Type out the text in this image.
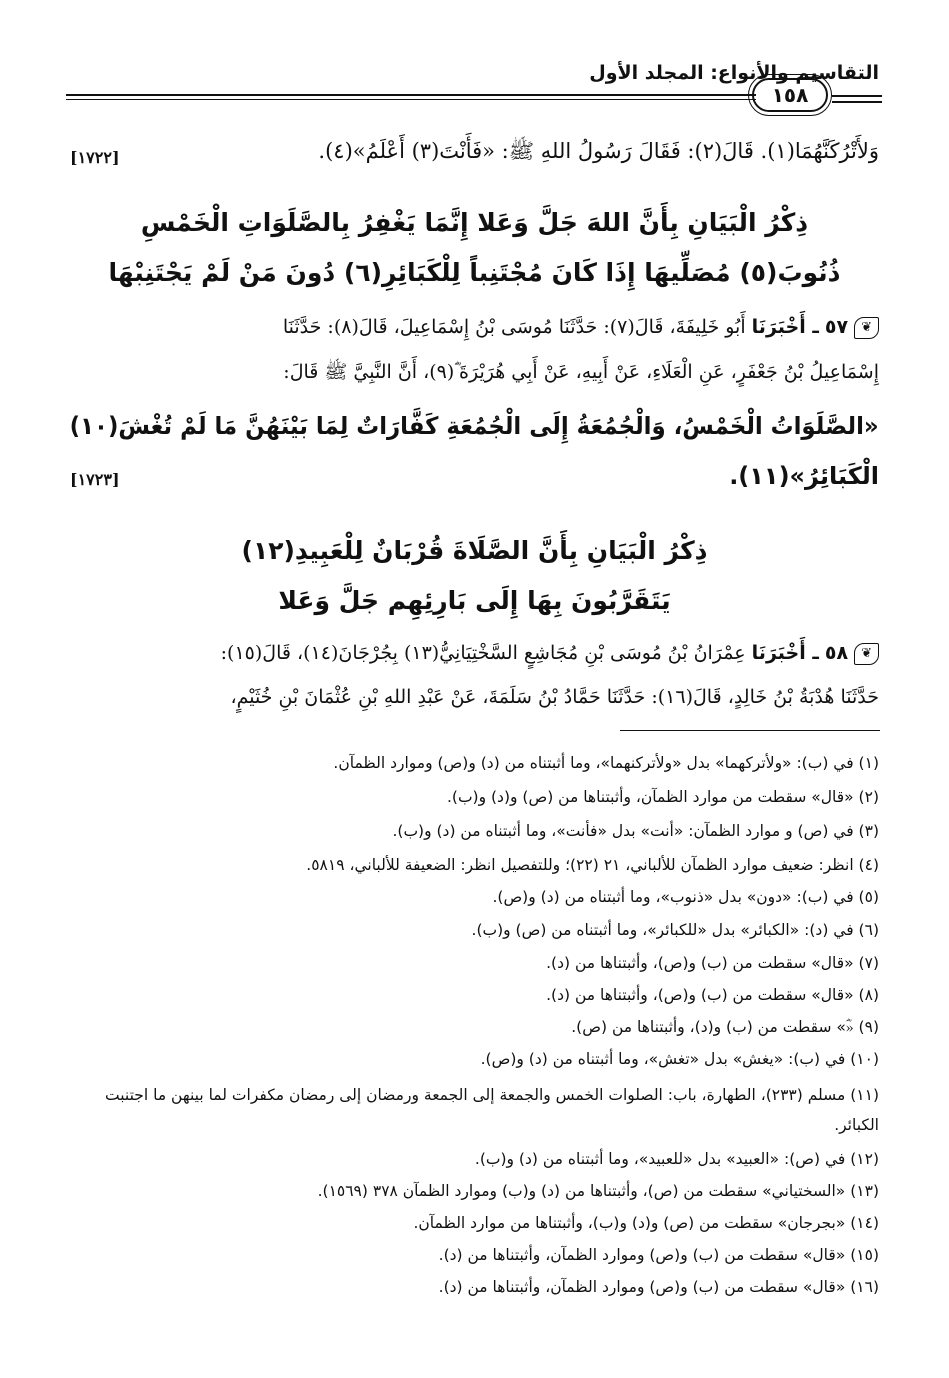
التقاسيم والأنواع: المجلد الأول
١٥٨
وَلأَتْرُكَنَّهُمَا(١). قَالَ(٢): فَقَالَ رَسُولُ اللهِ ﷺ: «فَأَنْتَ(٣) أَعْلَمُ»(٤).
[١٧٢٢]
ذِكْرُ الْبَيَانِ بِأَنَّ اللهَ جَلَّ وَعَلا إِنَّمَا يَغْفِرُ بِالصَّلَوَاتِ الْخَمْسِ
ذُنُوبَ(٥) مُصَلِّيهَا إِذَا كَانَ مُجْتَنِباً لِلْكَبَائِرِ(٦) دُونَ مَنْ لَمْ يَجْتَنِبْهَا
❦٥٧ ـ أَخْبَرَنَا أَبُو خَلِيفَةَ، قَالَ(٧): حَدَّثَنَا مُوسَى بْنُ إِسْمَاعِيلَ، قَالَ(٨): حَدَّثَنَا
إِسْمَاعِيلُ بْنُ جَعْفَرٍ، عَنِ الْعَلَاءِ، عَنْ أَبِيهِ، عَنْ أَبِي هُرَيْرَةَ ؓ(٩)، أَنَّ النَّبِيَّ ﷺ قَالَ:
«الصَّلَوَاتُ الْخَمْسُ، وَالْجُمُعَةُ إِلَى الْجُمُعَةِ كَفَّارَاتٌ لِمَا بَيْنَهُنَّ مَا لَمْ تُغْشَ(١٠)
الْكَبَائِرُ»(١١).
[١٧٢٣]
ذِكْرُ الْبَيَانِ بِأَنَّ الصَّلَاةَ قُرْبَانٌ لِلْعَبِيدِ(١٢)
يَتَقَرَّبُونَ بِهَا إِلَى بَارِئِهِم جَلَّ وَعَلا
❦٥٨ ـ أَخْبَرَنَا عِمْرَانُ بْنُ مُوسَى بْنِ مُجَاشِعٍ السَّخْتِيَانِيُّ(١٣) بِجُرْجَانَ(١٤)، قَالَ(١٥):
حَدَّثَنَا هُدْبَةُ بْنُ خَالِدٍ، قَالَ(١٦): حَدَّثَنَا حَمَّادُ بْنُ سَلَمَةَ، عَنْ عَبْدِ اللهِ بْنِ عُثْمَانَ بْنِ خُثَيْمٍ،
(١) في (ب): «ولأتركهما» بدل «ولأتركنهما»، وما أثبتناه من (د) و(ص) وموارد الظمآن.
(٢) «قال» سقطت من موارد الظمآن، وأثبتناها من (ص) و(د) و(ب).
(٣) في (ص) و موارد الظمآن: «أنت» بدل «فأنت»، وما أثبتناه من (د) و(ب).
(٤) انظر: ضعيف موارد الظمآن للألباني، ٢١ (٢٢)؛ وللتفصيل انظر: الضعيفة للألباني، ٥٨١٩.
(٥) في (ب): «دون» بدل «ذنوب»، وما أثبتناه من (د) و(ص).
(٦) في (د): «الكبائر» بدل «للكبائر»، وما أثبتناه من (ص) و(ب).
(٧) «قال» سقطت من (ب) و(ص)، وأثبتناها من (د).
(٨) «قال» سقطت من (ب) و(ص)، وأثبتناها من (د).
(٩) «ؓ» سقطت من (ب) و(د)، وأثبتناها من (ص).
(١٠) في (ب): «يغش» بدل «تغش»، وما أثبتناه من (د) و(ص).
(١١) مسلم (٢٣٣)، الطهارة، باب: الصلوات الخمس والجمعة إلى الجمعة ورمضان إلى رمضان مكفرات لما بينهن ما اجتنبت الكبائر.
(١٢) في (ص): «العبيد» بدل «للعبيد»، وما أثبتناه من (د) و(ب).
(١٣) «السختياني» سقطت من (ص)، وأثبتناها من (د) و(ب) وموارد الظمآن ٣٧٨ (١٥٦٩).
(١٤) «بجرجان» سقطت من (ص) و(د) و(ب)، وأثبتناها من موارد الظمآن.
(١٥) «قال» سقطت من (ب) و(ص) وموارد الظمآن، وأثبتناها من (د).
(١٦) «قال» سقطت من (ب) و(ص) وموارد الظمآن، وأثبتناها من (د).
